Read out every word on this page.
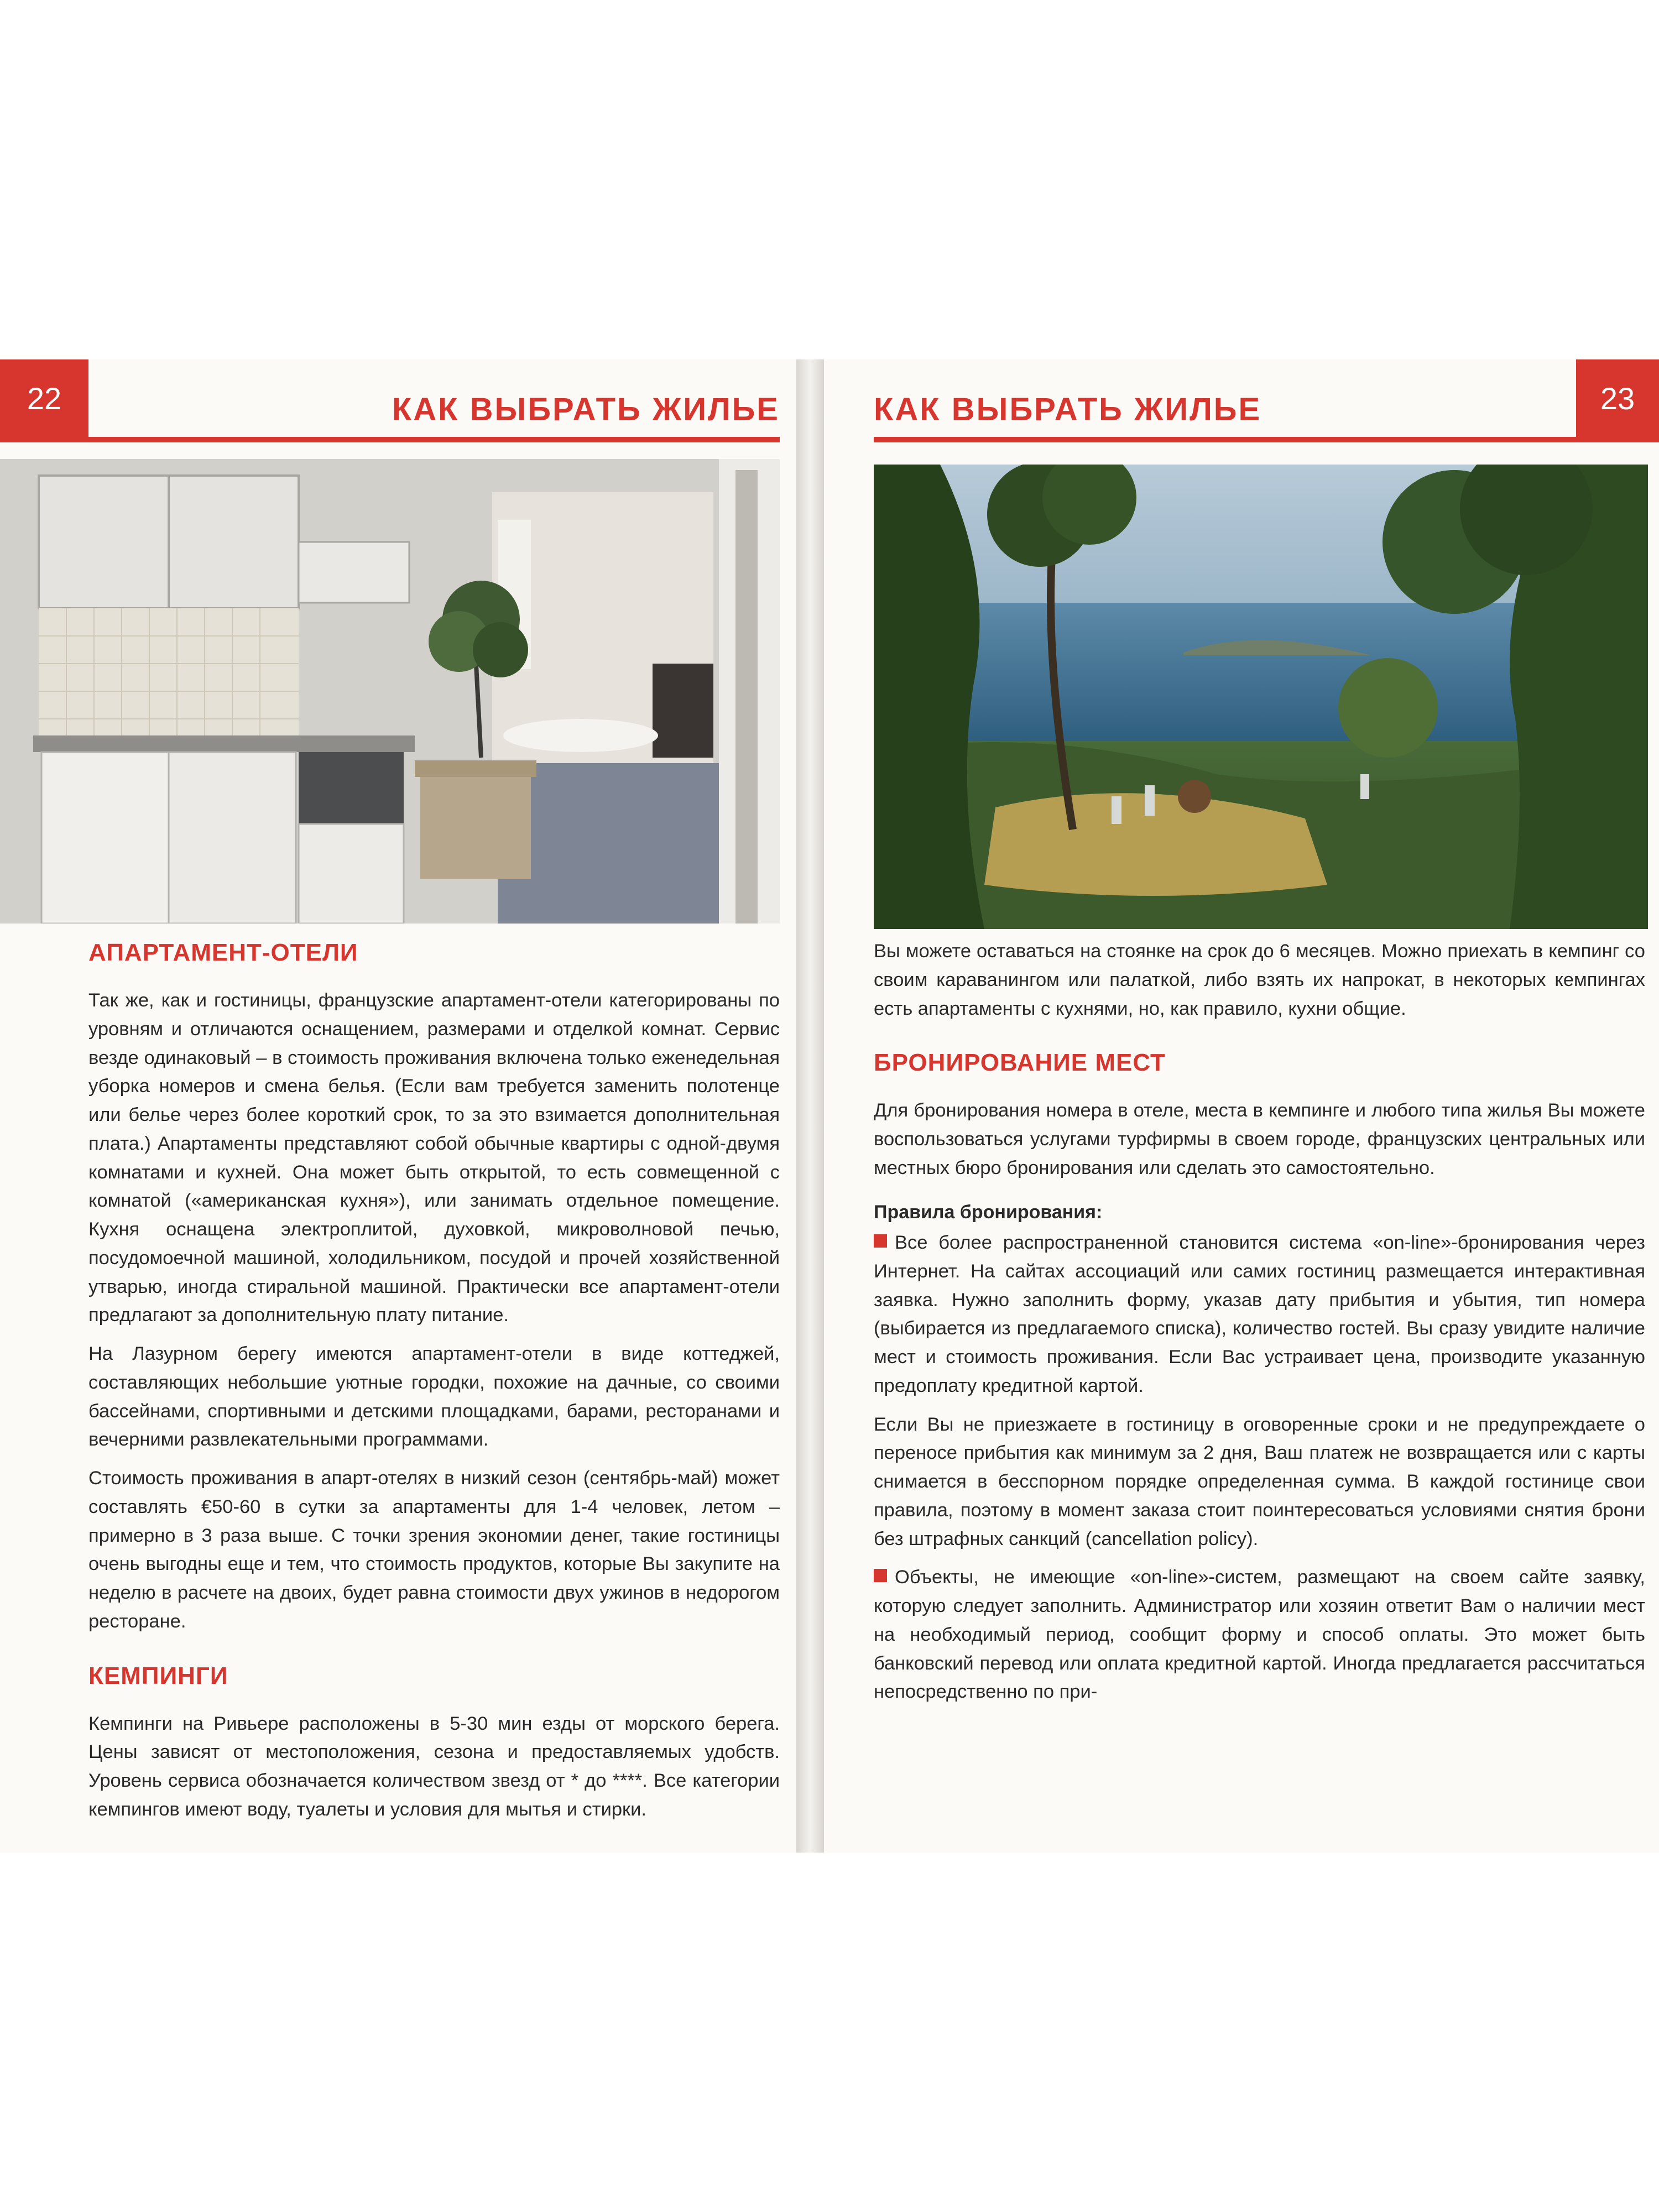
22	КАК ВЫБРАТЬ ЖИЛЬЕ
АПАРТАМЕНТ-ОТЕЛИ

Так же, как и гостиницы, французские апартамент-отели категорированы по уровням и отличаются оснащением, размерами и отделкой комнат. Сервис везде одинаковый – в стоимость проживания включена только еженедельная уборка номеров и смена белья. (Если вам требуется заменить полотенце или белье через более короткий срок, то за это взимается дополнительная плата.) Апартаменты представляют собой обычные квартиры с одной-двумя комнатами и кухней. Она может быть открытой, то есть совмещенной с комнатой («американская кухня»), или занимать отдельное помещение. Кухня оснащена электроплитой, духовкой, микроволновой печью, посудомоечной машиной, холодильником, посудой и прочей хозяйственной утварью, иногда стиральной машиной. Практически все апартамент-отели предлагают за дополнительную плату питание.

На Лазурном берегу имеются апартамент-отели в виде коттеджей, составляющих небольшие уютные городки, похожие на дачные, со своими бассейнами, спортивными и детскими площадками, барами, ресторанами и вечерними развлекательными программами.

Стоимость проживания в апарт-отелях в низкий сезон (сентябрь-май) может составлять €50-60 в сутки за апартаменты для 1-4 человек, летом – примерно в 3 раза выше. С точки зрения экономии денег, такие гостиницы очень выгодны еще и тем, что стоимость продуктов, которые Вы закупите на неделю в расчете на двоих, будет равна стоимости двух ужинов в недорогом ресторане.

КЕМПИНГИ

Кемпинги на Ривьере расположены в 5-30 мин езды от морского берега. Цены зависят от местоположения, сезона и предоставляемых удобств. Уровень сервиса обозначается количеством звезд от * до ****. Все категории кемпингов имеют воду, туалеты и условия для мытья и стирки.

КАК ВЫБРАТЬ ЖИЛЬЕ	23

Вы можете оставаться на стоянке на срок до 6 месяцев. Можно приехать в кемпинг со своим караванингом или палаткой, либо взять их напрокат, в некоторых кемпингах есть апартаменты с кухнями, но, как правило, кухни общие.

БРОНИРОВАНИЕ МЕСТ

Для бронирования номера в отеле, места в кемпинге и любого типа жилья Вы можете воспользоваться услугами турфирмы в своем городе, французских центральных или местных бюро бронирования или сделать это самостоятельно.

Правила бронирования:

Все более распространенной становится система «on-line»-бронирования через Интернет. На сайтах ассоциаций или самих гостиниц размещается интерактивная заявка. Нужно заполнить форму, указав дату прибытия и убытия, тип номера (выбирается из предлагаемого списка), количество гостей. Вы сразу увидите наличие мест и стоимость проживания. Если Вас устраивает цена, производите указанную предоплату кредитной картой.

Если Вы не приезжаете в гостиницу в оговоренные сроки и не предупреждаете о переносе прибытия как минимум за 2 дня, Ваш платеж не возвращается или с карты снимается в бесспорном порядке определенная сумма. В каждой гостинице свои правила, поэтому в момент заказа стоит поинтересоваться условиями снятия брони без штрафных санкций (cancellation policy).

Объекты, не имеющие «on-line»-систем, размещают на своем сайте заявку, которую следует заполнить. Администратор или хозяин ответит Вам о наличии мест на необходимый период, сообщит форму и способ оплаты. Это может быть банковский перевод или оплата кредитной картой. Иногда предлагается рассчитаться непосредственно по при-
